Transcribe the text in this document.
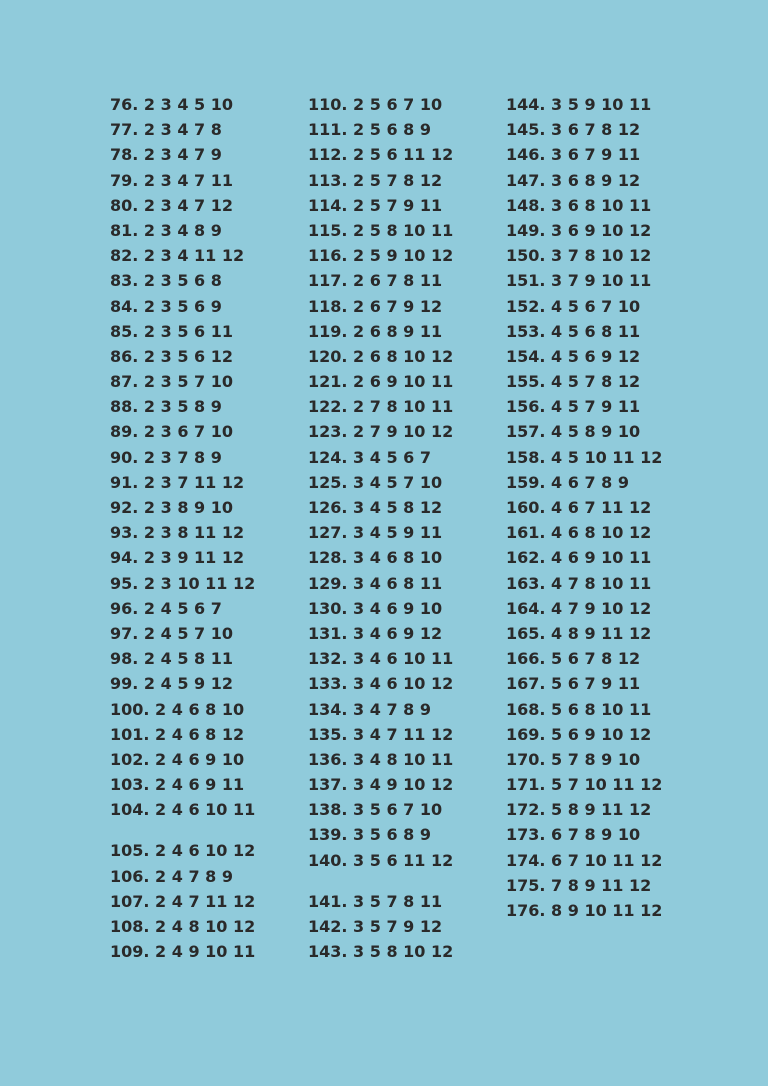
76. 2 3 4 5 10
77. 2 3 4 7 8
78. 2 3 4 7 9
79. 2 3 4 7 11
80. 2 3 4 7 12
81. 2 3 4 8 9
82. 2 3 4 11 12
83. 2 3 5 6 8
84. 2 3 5 6 9
85. 2 3 5 6 11
86. 2 3 5 6 12
87. 2 3 5 7 10
88. 2 3 5 8 9
89. 2 3 6 7 10
90. 2 3 7 8 9
91. 2 3 7 11 12
92. 2 3 8 9 10
93. 2 3 8 11 12
94. 2 3 9 11 12
95. 2 3 10 11 12
96. 2 4 5 6 7
97. 2 4 5 7 10
98. 2 4 5 8 11
99. 2 4 5 9 12
100. 2 4 6 8 10
101. 2 4 6 8 12
102. 2 4 6 9 10
103. 2 4 6 9 11
104. 2 4 6 10 11
105. 2 4 6 10 12
106. 2 4 7 8 9
107. 2 4 7 11 12
108. 2 4 8 10 12
109. 2 4 9 10 11
110. 2 5 6 7 10
111. 2 5 6 8 9
112. 2 5 6 11 12
113. 2 5 7 8 12
114. 2 5 7 9 11
115. 2 5 8 10 11
116. 2 5 9 10 12
117. 2 6 7 8 11
118. 2 6 7 9 12
119. 2 6 8 9 11
120. 2 6 8 10 12
121. 2 6 9 10 11
122. 2 7 8 10 11
123. 2 7 9 10 12
124. 3 4 5 6 7
125. 3 4 5 7 10
126. 3 4 5 8 12
127. 3 4 5 9 11
128. 3 4 6 8 10
129. 3 4 6 8 11
130. 3 4 6 9 10
131. 3 4 6 9 12
132. 3 4 6 10 11
133. 3 4 6 10 12
134. 3 4 7 8 9
135. 3 4 7 11 12
136. 3 4 8 10 11
137. 3 4 9 10 12
138. 3 5 6 7 10
139. 3 5 6 8 9
140. 3 5 6 11 12
141. 3 5 7 8 11
142. 3 5 7 9 12
143. 3 5 8 10 12
144. 3 5 9 10 11
145. 3 6 7 8 12
146. 3 6 7 9 11
147. 3 6 8 9 12
148. 3 6 8 10 11
149. 3 6 9 10 12
150. 3 7 8 10 12
151. 3 7 9 10 11
152. 4 5 6 7 10
153. 4 5 6 8 11
154. 4 5 6 9 12
155. 4 5 7 8 12
156. 4 5 7 9 11
157. 4 5 8 9 10
158. 4 5 10 11 12
159. 4 6 7 8 9
160. 4 6 7 11 12
161. 4 6 8 10 12
162. 4 6 9 10 11
163. 4 7 8 10 11
164. 4 7 9 10 12
165. 4 8 9 11 12
166. 5 6 7 8 12
167. 5 6 7 9 11
168. 5 6 8 10 11
169. 5 6 9 10 12
170. 5 7 8 9 10
171. 5 7 10 11 12
172. 5 8 9 11 12
173. 6 7 8 9 10
174. 6 7 10 11 12
175. 7 8 9 11 12
176. 8 9 10 11 12
